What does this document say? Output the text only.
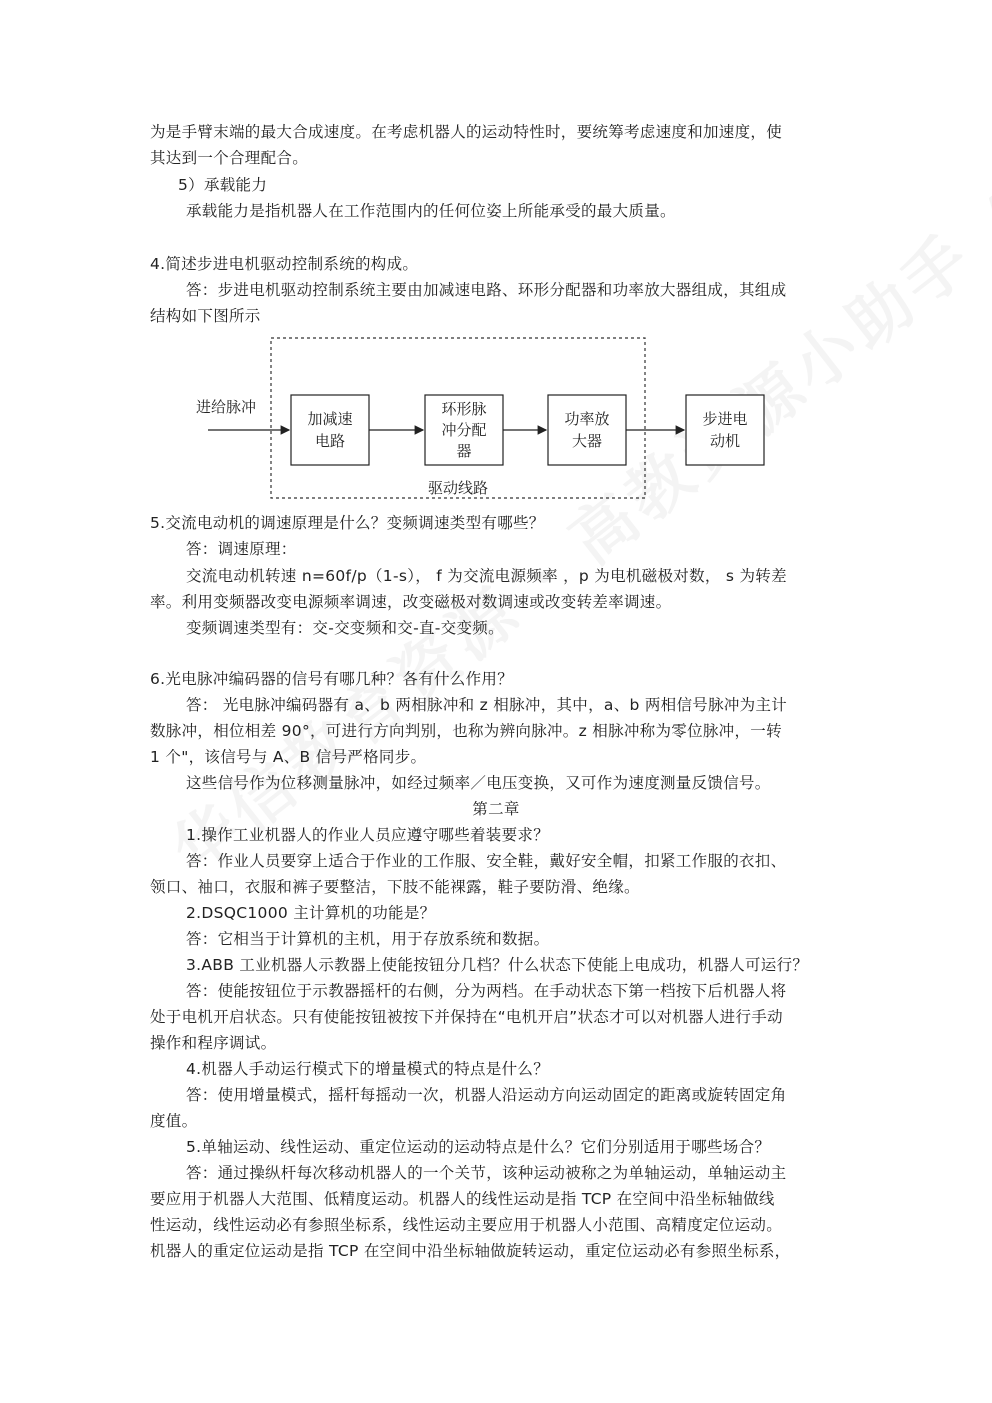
为是手臂末端的最大合成速度。在考虑机器人的运动特性时，要统筹考虑速度和加速度，使
其达到一个合理配合。
5）承载能力
承载能力是指机器人在工作范围内的任何位姿上所能承受的最大质量。
4.简述步进电机驱动控制系统的构成。
答：步进电机驱动控制系统主要由加减速电路、环形分配器和功率放大器组成，其组成
结构如下图所示
进给脉冲
加减速
电路
环形脉
冲分配
器
功率放
大器
步进电
动机
驱动线路
5.交流电动机的调速原理是什么？变频调速类型有哪些？
答：调速原理：
交流电动机转速 n=60f/p（1-s）， f 为交流电源频率 ，p 为电机磁极对数， s 为转差
率。利用变频器改变电源频率调速，改变磁极对数调速或改变转差率调速。
变频调速类型有：交-交变频和交-直-交变频。
6.光电脉冲编码器的信号有哪几种？各有什么作用？
答： 光电脉冲编码器有 a、b 两相脉冲和 z 相脉冲，其中，a、b 两相信号脉冲为主计
数脉冲，相位相差 90°，可进行方向判别，也称为辨向脉冲。z 相脉冲称为零位脉冲，一转
1 个"，该信号与 A、B 信号严格同步。
这些信号作为位移测量脉冲，如经过频率／电压变换，又可作为速度测量反馈信号。
第二章
1.操作工业机器人的作业人员应遵守哪些着装要求？
答：作业人员要穿上适合于作业的工作服、安全鞋，戴好安全帽，扣紧工作服的衣扣、
领口、袖口，衣服和裤子要整洁，下肢不能裸露，鞋子要防滑、绝缘。
2.DSQC1000 主计算机的功能是？
答：它相当于计算机的主机，用于存放系统和数据。
3.ABB 工业机器人示教器上使能按钮分几档？什么状态下使能上电成功，机器人可运行？
答：使能按钮位于示教器摇杆的右侧，分为两档。在手动状态下第一档按下后机器人将
处于电机开启状态。只有使能按钮被按下并保持在“电机开启”状态才可以对机器人进行手动
操作和程序调试。
4.机器人手动运行模式下的增量模式的特点是什么？
答：使用增量模式，摇杆每摇动一次，机器人沿运动方向运动固定的距离或旋转固定角
度值。
5.单轴运动、线性运动、重定位运动的运动特点是什么？它们分别适用于哪些场合？
答：通过操纵杆每次移动机器人的一个关节，该种运动被称之为单轴运动，单轴运动主
要应用于机器人大范围、低精度运动。机器人的线性运动是指 TCP 在空间中沿坐标轴做线
性运动，线性运动必有参照坐标系，线性运动主要应用于机器人小范围、高精度定位运动。
机器人的重定位运动是指 TCP 在空间中沿坐标轴做旋转运动，重定位运动必有参照坐标系，
